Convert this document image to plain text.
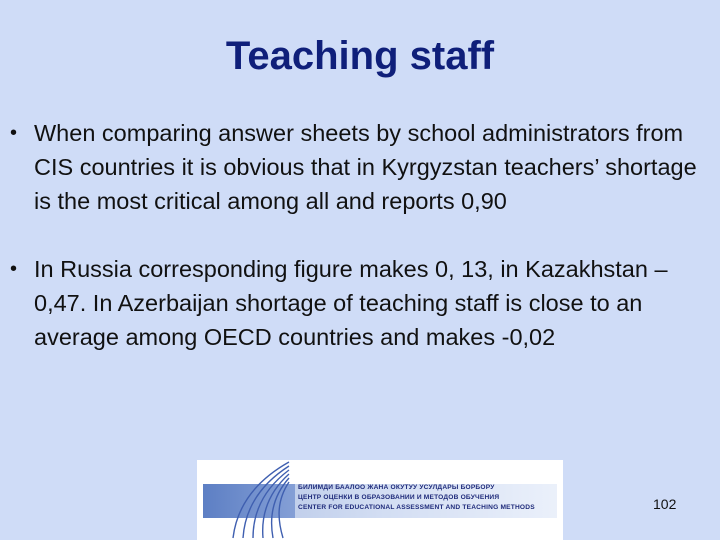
Teaching staff
• When comparing answer sheets by school administrators from CIS countries it is obvious that in Kyrgyzstan teachers’ shortage is the most critical among all and reports 0,90
• In Russia corresponding figure makes 0, 13, in Kazakhstan – 0,47. In Azerbaijan shortage of teaching staff is close to an average among OECD countries and makes -0,02
БИЛИМДИ БААЛОО ЖАНА ОКУТУУ УСУЛДАРЫ БОРБОРУ
ЦЕНТР ОЦЕНКИ В ОБРАЗОВАНИИ И МЕТОДОВ ОБУЧЕНИЯ
CENTER FOR EDUCATIONAL ASSESSMENT AND TEACHING METHODS	102
